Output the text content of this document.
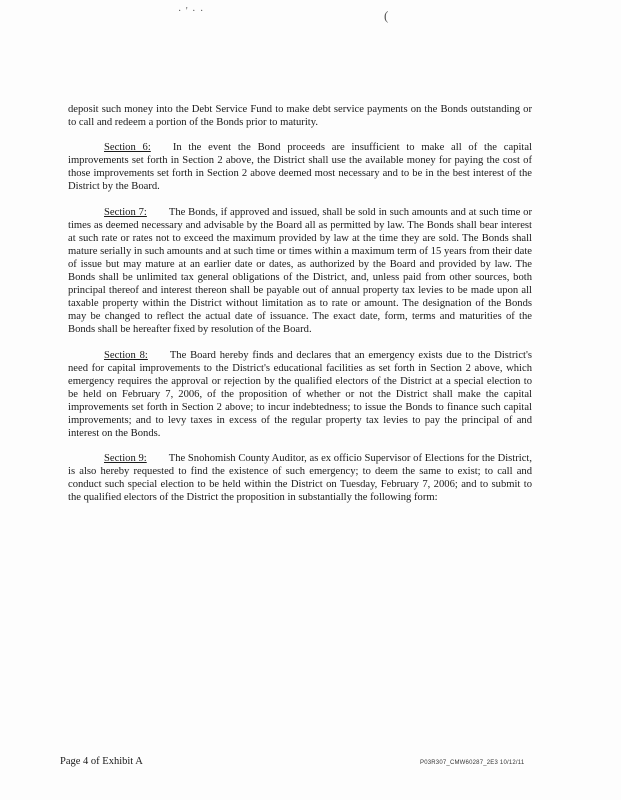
· ' · ·	(

deposit such money into the Debt Service Fund to make debt service payments on the Bonds outstanding or to call and redeem a portion of the Bonds prior to maturity.

Section 6: In the event the Bond proceeds are insufficient to make all of the capital improvements set forth in Section 2 above, the District shall use the available money for paying the cost of those improvements set forth in Section 2 above deemed most necessary and to be in the best interest of the District by the Board.

Section 7: The Bonds, if approved and issued, shall be sold in such amounts and at such time or times as deemed necessary and advisable by the Board all as permitted by law. The Bonds shall bear interest at such rate or rates not to exceed the maximum provided by law at the time they are sold. The Bonds shall mature serially in such amounts and at such time or times within a maximum term of 15 years from their date of issue but may mature at an earlier date or dates, as authorized by the Board and provided by law. The Bonds shall be unlimited tax general obligations of the District, and, unless paid from other sources, both principal thereof and interest thereon shall be payable out of annual property tax levies to be made upon all taxable property within the District without limitation as to rate or amount. The designation of the Bonds may be changed to reflect the actual date of issuance. The exact date, form, terms and maturities of the Bonds shall be hereafter fixed by resolution of the Board.

Section 8: The Board hereby finds and declares that an emergency exists due to the District's need for capital improvements to the District's educational facilities as set forth in Section 2 above, which emergency requires the approval or rejection by the qualified electors of the District at a special election to be held on February 7, 2006, of the proposition of whether or not the District shall make the capital improvements set forth in Section 2 above; to incur indebtedness; to issue the Bonds to finance such capital improvements; and to levy taxes in excess of the regular property tax levies to pay the principal of and interest on the Bonds.

Section 9: The Snohomish County Auditor, as ex officio Supervisor of Elections for the District, is also hereby requested to find the existence of such emergency; to deem the same to exist; to call and conduct such special election to be held within the District on Tuesday, February 7, 2006; and to submit to the qualified electors of the District the proposition in substantially the following form:

Page 4 of Exhibit A	P03R307_CMW60287_2E3 10/12/11
